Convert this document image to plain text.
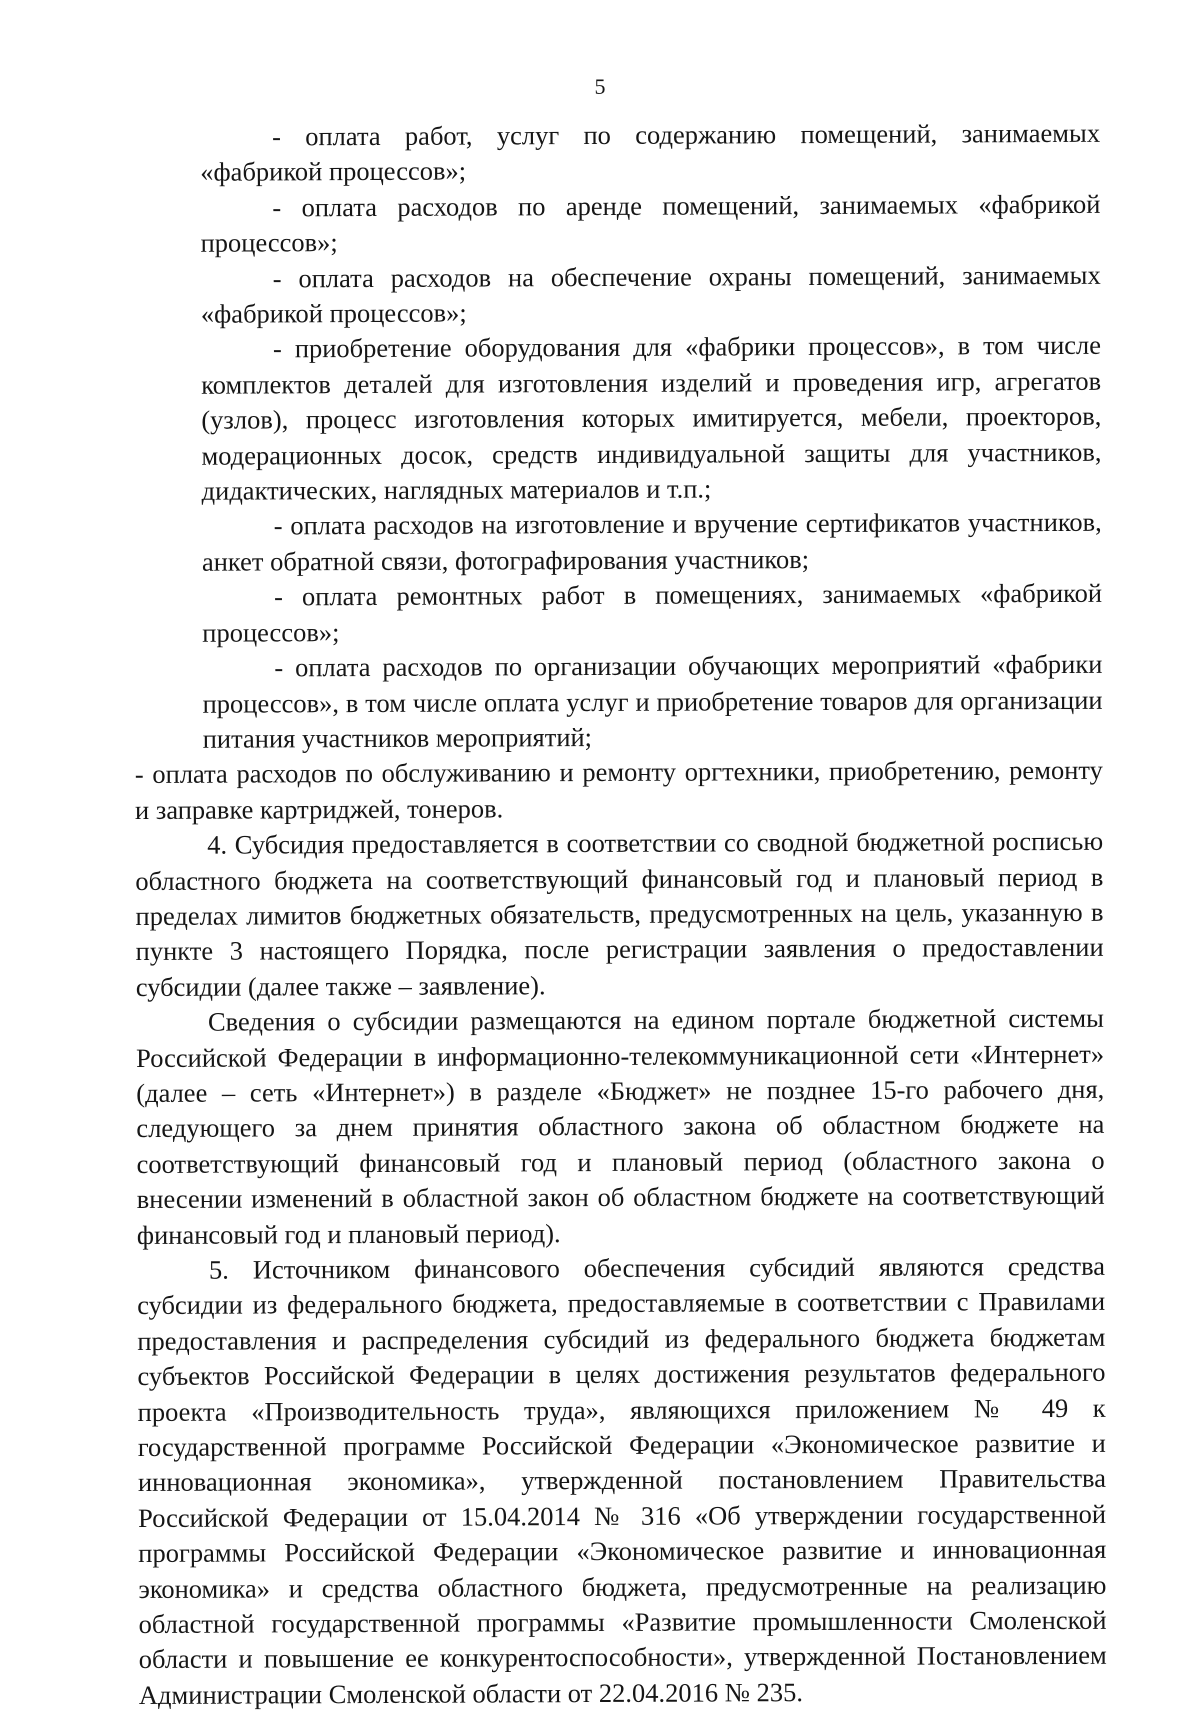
5

- оплата работ, услуг по содержанию помещений, занимаемых «фабрикой процессов»;

- оплата расходов по аренде помещений, занимаемых «фабрикой процессов»;

- оплата расходов на обеспечение охраны помещений, занимаемых «фабрикой процессов»;

- приобретение оборудования для «фабрики процессов», в том числе комплектов деталей для изготовления изделий и проведения игр, агрегатов (узлов), процесс изготовления которых имитируется, мебели, проекторов, модерационных досок, средств индивидуальной защиты для участников, дидактических, наглядных материалов и т.п.;

- оплата расходов на изготовление и вручение сертификатов участников, анкет обратной связи, фотографирования участников;

- оплата ремонтных работ в помещениях, занимаемых «фабрикой процессов»;

- оплата расходов по организации обучающих мероприятий «фабрики процессов», в том числе оплата услуг и приобретение товаров для организации питания участников мероприятий;

- оплата расходов по обслуживанию и ремонту оргтехники, приобретению, ремонту и заправке картриджей, тонеров.

4. Субсидия предоставляется в соответствии со сводной бюджетной росписью областного бюджета на соответствующий финансовый год и плановый период в пределах лимитов бюджетных обязательств, предусмотренных на цель, указанную в пункте 3 настоящего Порядка, после регистрации заявления о предоставлении субсидии (далее также – заявление).

Сведения о субсидии размещаются на едином портале бюджетной системы Российской Федерации в информационно-телекоммуникационной сети «Интернет» (далее – сеть «Интернет») в разделе «Бюджет» не позднее 15-го рабочего дня, следующего за днем принятия областного закона об областном бюджете на соответствующий финансовый год и плановый период (областного закона о внесении изменений в областной закон об областном бюджете на соответствующий финансовый год и плановый период).

5. Источником финансового обеспечения субсидий являются средства субсидии из федерального бюджета, предоставляемые в соответствии с Правилами предоставления и распределения субсидий из федерального бюджета бюджетам субъектов Российской Федерации в целях достижения результатов федерального проекта «Производительность труда», являющихся приложением № 49 к государственной программе Российской Федерации «Экономическое развитие и инновационная экономика», утвержденной постановлением Правительства Российской Федерации от 15.04.2014 № 316 «Об утверждении государственной программы Российской Федерации «Экономическое развитие и инновационная экономика» и средства областного бюджета, предусмотренные на реализацию областной государственной программы «Развитие промышленности Смоленской области и повышение ее конкурентоспособности», утвержденной Постановлением Администрации Смоленской области от 22.04.2016 № 235.
